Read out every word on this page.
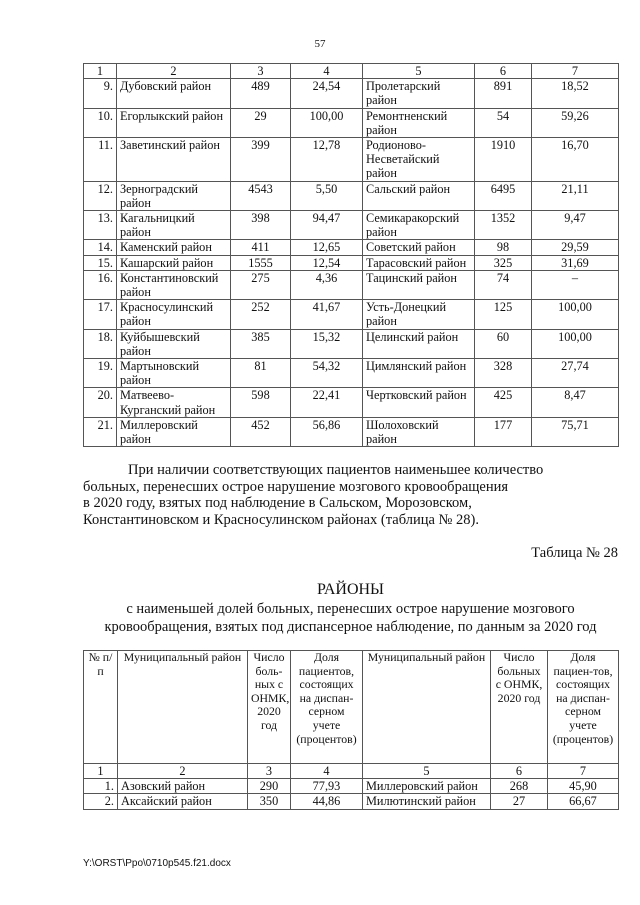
57
1	2	3	4	5	6	7
9.	Дубовский район	489	24,54	Пролетарский район	891	18,52
10.	Егорлыкский район	29	100,00	Ремонтненский район	54	59,26
11.	Заветинский район	399	12,78	Родионово-Несветайский район	1910	16,70
12.	Зерноградский район	4543	5,50	Сальский район	6495	21,11
13.	Кагальницкий район	398	94,47	Семикаракорский район	1352	9,47
14.	Каменский район	411	12,65	Советский район	98	29,59
15.	Кашарский район	1555	12,54	Тарасовский район	325	31,69
16.	Константиновский район	275	4,36	Тацинский район	74	–
17.	Красносулинский район	252	41,67	Усть-Донецкий район	125	100,00
18.	Куйбышевский район	385	15,32	Целинский район	60	100,00
19.	Мартыновский район	81	54,32	Цимлянский район	328	27,74
20.	Матвеево-Курганский район	598	22,41	Чертковский район	425	8,47
21.	Миллеровский район	452	56,86	Шолоховский район	177	75,71
При наличии соответствующих пациентов наименьшее количество
больных, перенесших острое нарушение мозгового кровообращения
в 2020 году, взятых под наблюдение в Сальском, Морозовском,
Константиновском и Красносулинском районах (таблица № 28).
Таблица № 28
РАЙОНЫ
с наименьшей долей больных, перенесших острое нарушение мозгового
кровообращения, взятых под диспансерное наблюдение, по данным за 2020 год
№ п/п	Муниципальный район	Число боль-ных с ОНМК, 2020 год	Доля пациентов, состоящих на диспан-серном учете (процентов)	Муниципальный район	Число больных с ОНМК, 2020 год	Доля пациен-тов, состоящих на диспан-серном учете (процентов)
1	2	3	4	5	6	7
1.	Азовский район	290	77,93	Миллеровский район	268	45,90
2.	Аксайский район	350	44,86	Милютинский район	27	66,67
Y:\ORST\Ppo\0710p545.f21.docx
